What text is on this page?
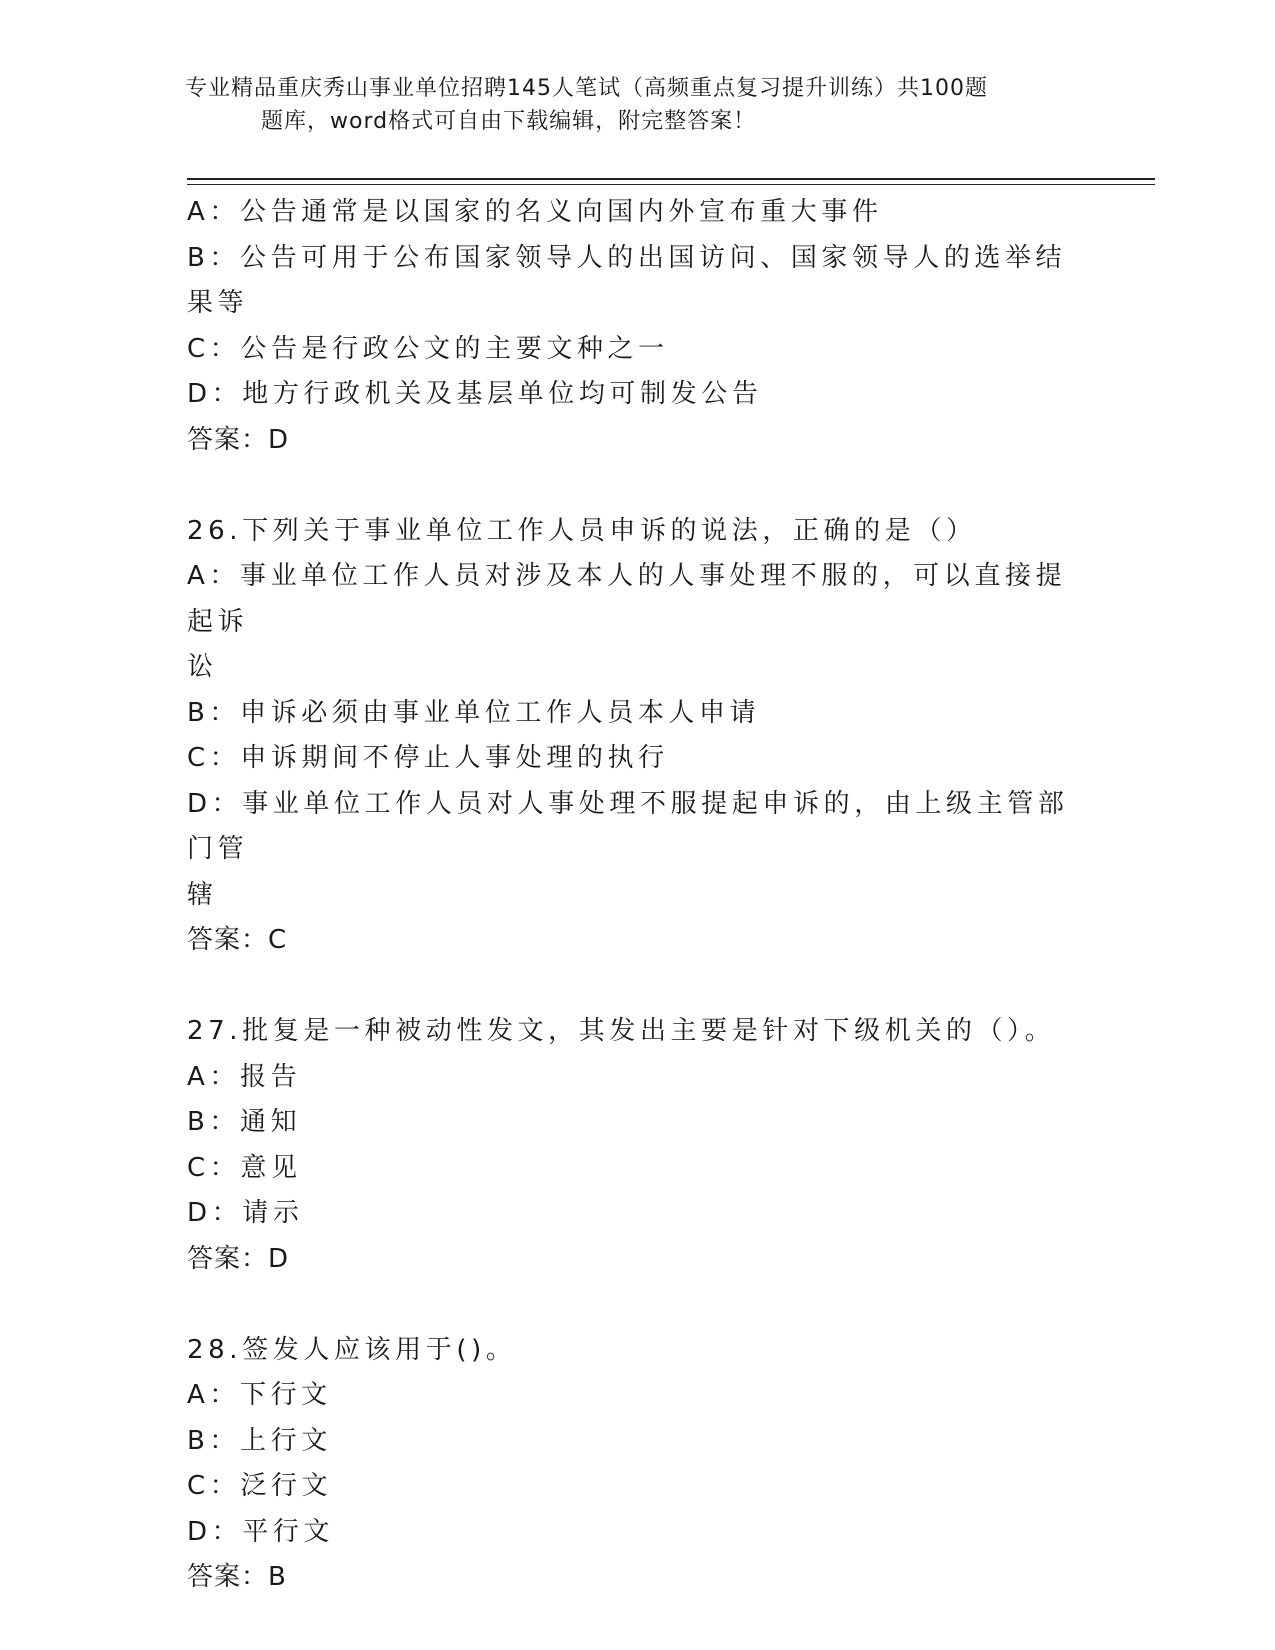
专业精品重庆秀山事业单位招聘145人笔试（高频重点复习提升训练）共100题
题库，word格式可自由下载编辑，附完整答案！

A：公告通常是以国家的名义向国内外宣布重大事件

B：公告可用于公布国家领导人的出国访问、国家领导人的选举结果等

C：公告是行政公文的主要文种之一

D：地方行政机关及基层单位均可制发公告

答案：D

26.下列关于事业单位工作人员申诉的说法，正确的是（）

A：事业单位工作人员对涉及本人的人事处理不服的，可以直接提起诉

讼

B：申诉必须由事业单位工作人员本人申请

C：申诉期间不停止人事处理的执行

D：事业单位工作人员对人事处理不服提起申诉的，由上级主管部门管

辖

答案：C

27.批复是一种被动性发文，其发出主要是针对下级机关的（）。

A：报告

B：通知

C：意见

D：请示

答案：D

28.签发人应该用于()。

A：下行文

B：上行文

C：泛行文

D：平行文

答案：B
